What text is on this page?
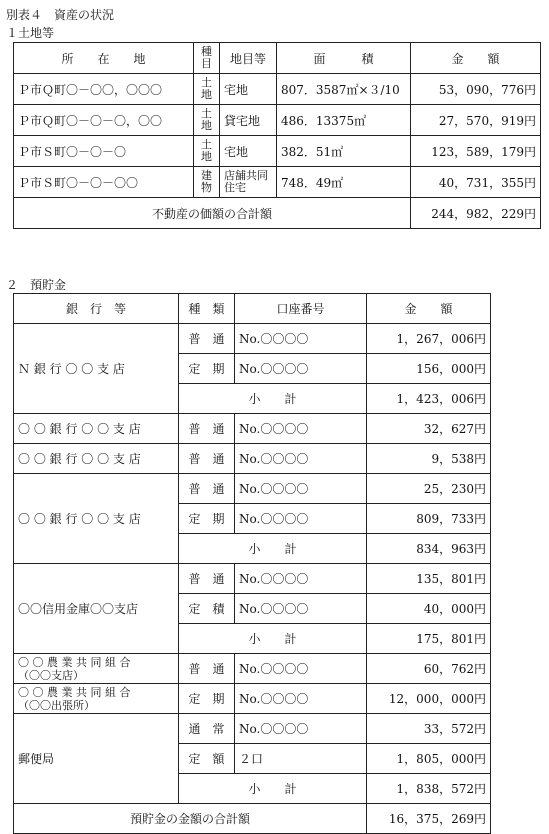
別表４　資産の状況
１土地等
所　　在　　地	種目	地目等	面　　　積	金　　額
Ｐ市Ｑ町〇－〇〇，〇〇〇	土地	宅地	807．3587㎡×３/10	53，090，776円
Ｐ市Ｑ町〇－〇－〇，〇〇	土地	貸宅地	486．13375㎡	27，570，919円
Ｐ市Ｓ町〇－〇－〇	土地	宅地	382．51㎡	123，589，179円
Ｐ市Ｓ町〇－〇－〇〇	建物	店舗共同住宅	748．49㎡	40，731，355円
不動産の価額の合計額				244，982，229円
２　預貯金
銀　行　等	種　類	口座番号	金　　額
Ｎ 銀 行 〇 〇 支 店	普　通	No.〇〇〇〇	1，267，006円
	定　期	No.〇〇〇〇	156，000円
	小　　計		1，423，006円
〇 〇 銀 行 〇 〇 支 店	普　通	No.〇〇〇〇	32，627円
〇 〇 銀 行 〇 〇 支 店	普　通	No.〇〇〇〇	9，538円
〇 〇 銀 行 〇 〇 支 店	普　通	No.〇〇〇〇	25，230円
	定　期	No.〇〇〇〇	809，733円
	小　　計		834，963円
〇〇信用金庫〇〇支店	普　通	No.〇〇〇〇	135，801円
	定　積	No.〇〇〇〇	40，000円
	小　　計		175，801円
〇 〇 農 業 共 同 組 合
（〇〇支店）	普　通	No.〇〇〇〇	60，762円
〇 〇 農 業 共 同 組 合
（〇〇出張所）	定　期	No.〇〇〇〇	12，000，000円
郵便局	通　常	No.〇〇〇〇	33，572円
	定　額	２口	1，805，000円
	小　　計		1，838，572円
預貯金の金額の合計額			16，375，269円
